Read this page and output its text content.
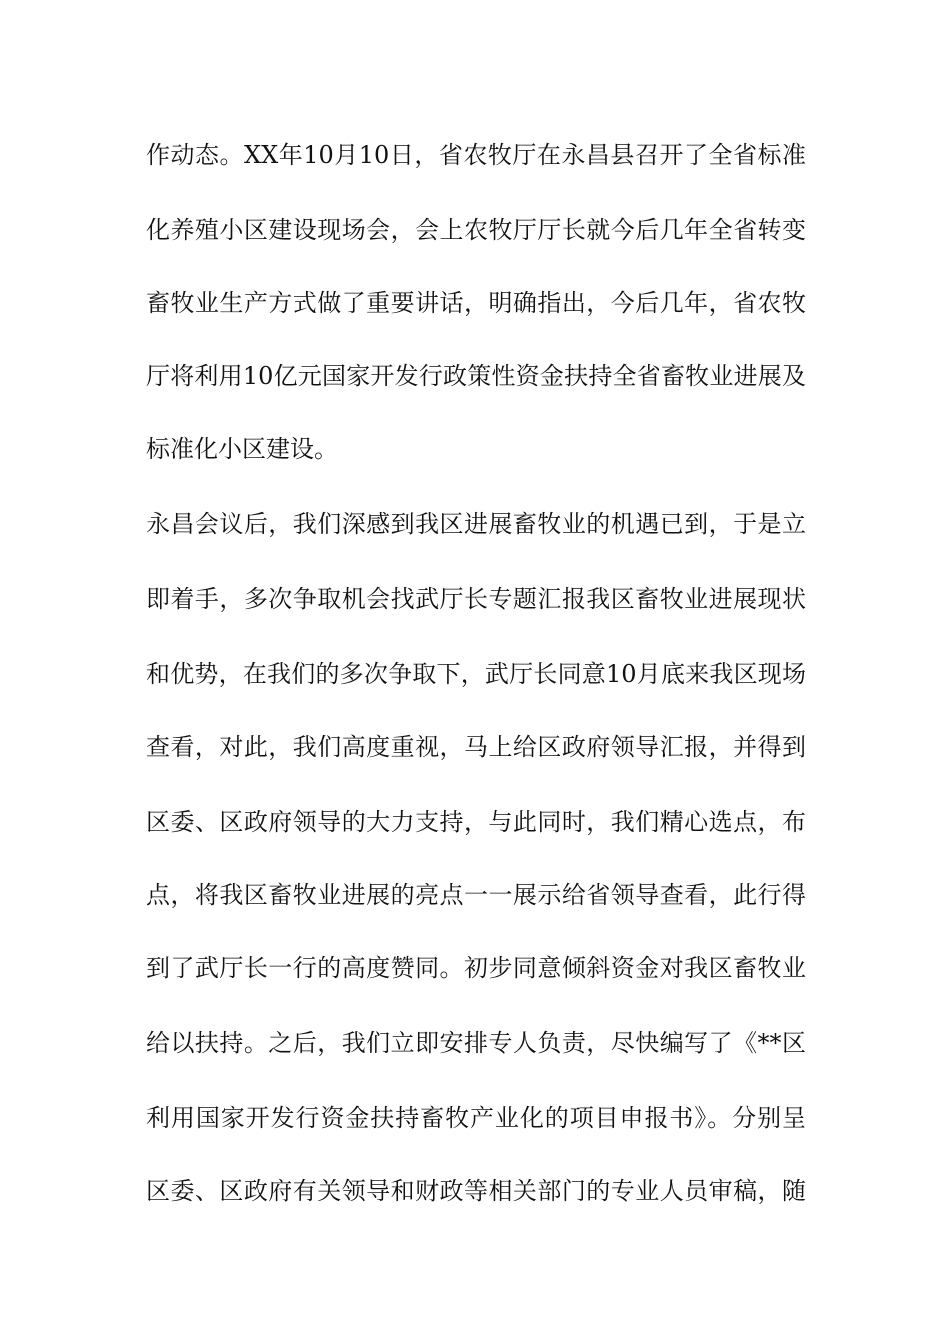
作动态。XX年10月10日，省农牧厅在永昌县召开了全省标准
化养殖小区建设现场会，会上农牧厅厅长就今后几年全省转变
畜牧业生产方式做了重要讲话，明确指出，今后几年，省农牧
厅将利用10亿元国家开发行政策性资金扶持全省畜牧业进展及
标准化小区建设。
永昌会议后，我们深感到我区进展畜牧业的机遇已到，于是立
即着手，多次争取机会找武厅长专题汇报我区畜牧业进展现状
和优势，在我们的多次争取下，武厅长同意10月底来我区现场
查看，对此，我们高度重视，马上给区政府领导汇报，并得到
区委、区政府领导的大力支持，与此同时，我们精心选点，布
点，将我区畜牧业进展的亮点一一展示给省领导查看，此行得
到了武厅长一行的高度赞同。初步同意倾斜资金对我区畜牧业
给以扶持。之后，我们立即安排专人负责，尽快编写了《**区
利用国家开发行资金扶持畜牧产业化的项目申报书》。分别呈
区委、区政府有关领导和财政等相关部门的专业人员审稿，随
